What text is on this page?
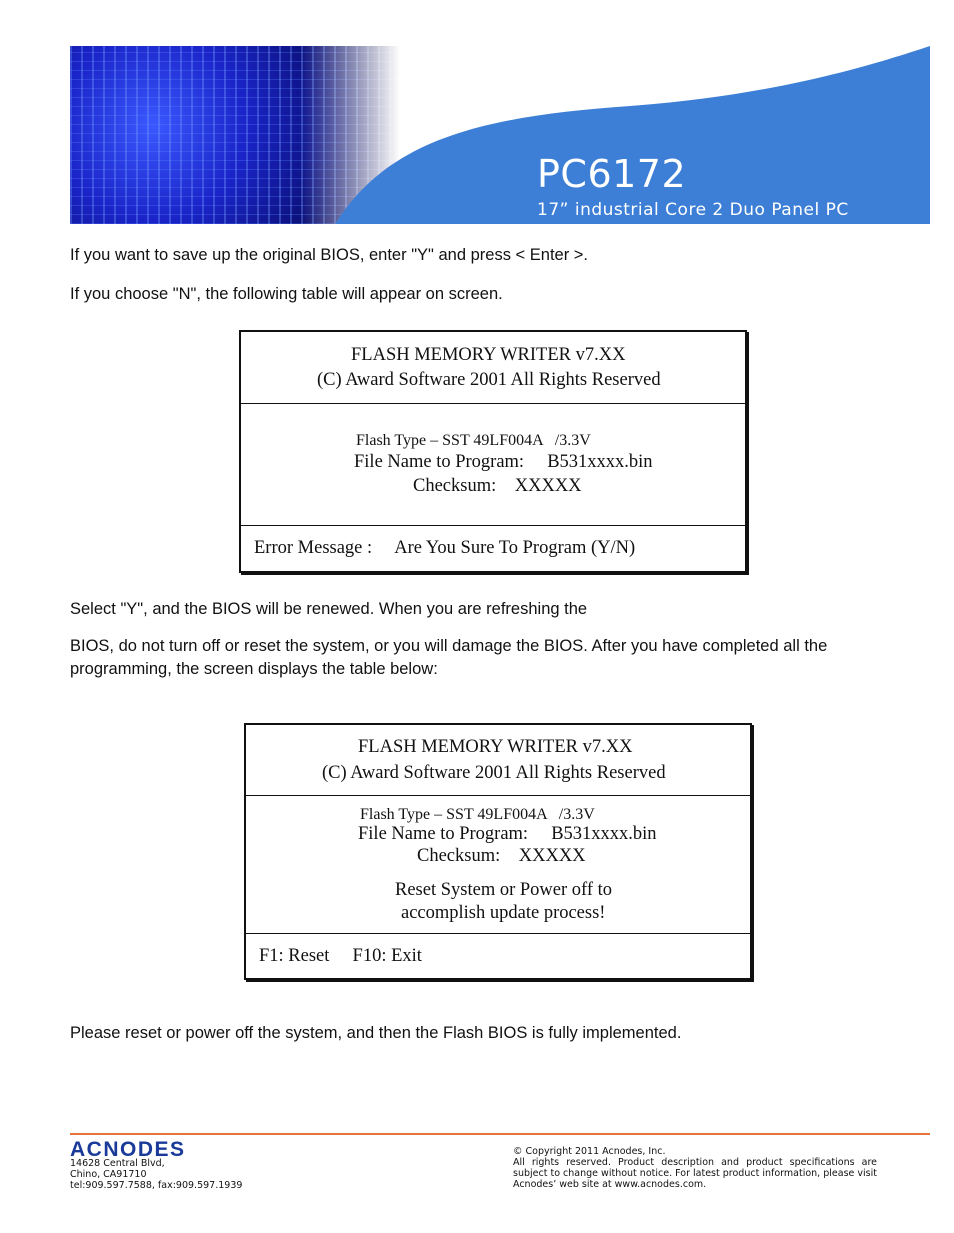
PC6172
17” industrial Core 2 Duo Panel PC

If you want to save up the original BIOS, enter "Y" and press < Enter >.

If you choose "N", the following table will appear on screen.

FLASH MEMORY WRITER v7.XX
(C) Award Software 2001 All Rights Reserved
Flash Type – SST 49LF004A   /3.3V
File Name to Program:     B531xxxx.bin
Checksum:    XXXXX
Error Message :     Are You Sure To Program (Y/N)

Select "Y", and the BIOS will be renewed. When you are refreshing the

BIOS, do not turn off or reset the system, or you will damage the BIOS. After you have completed all the programming, the screen displays the table below:

FLASH MEMORY WRITER v7.XX
(C) Award Software 2001 All Rights Reserved
Flash Type – SST 49LF004A   /3.3V
File Name to Program:     B531xxxx.bin
Checksum:    XXXXX
Reset System or Power off to
accomplish update process!
F1: Reset     F10: Exit

Please reset or power off the system, and then the Flash BIOS is fully implemented.

ACNODES
14628 Central Blvd,
Chino, CA91710
tel:909.597.7588, fax:909.597.1939
© Copyright 2011 Acnodes, Inc.
All rights reserved. Product description and product specifications are subject to change without notice. For latest product information, please visit Acnodes’ web site at www.acnodes.com.
